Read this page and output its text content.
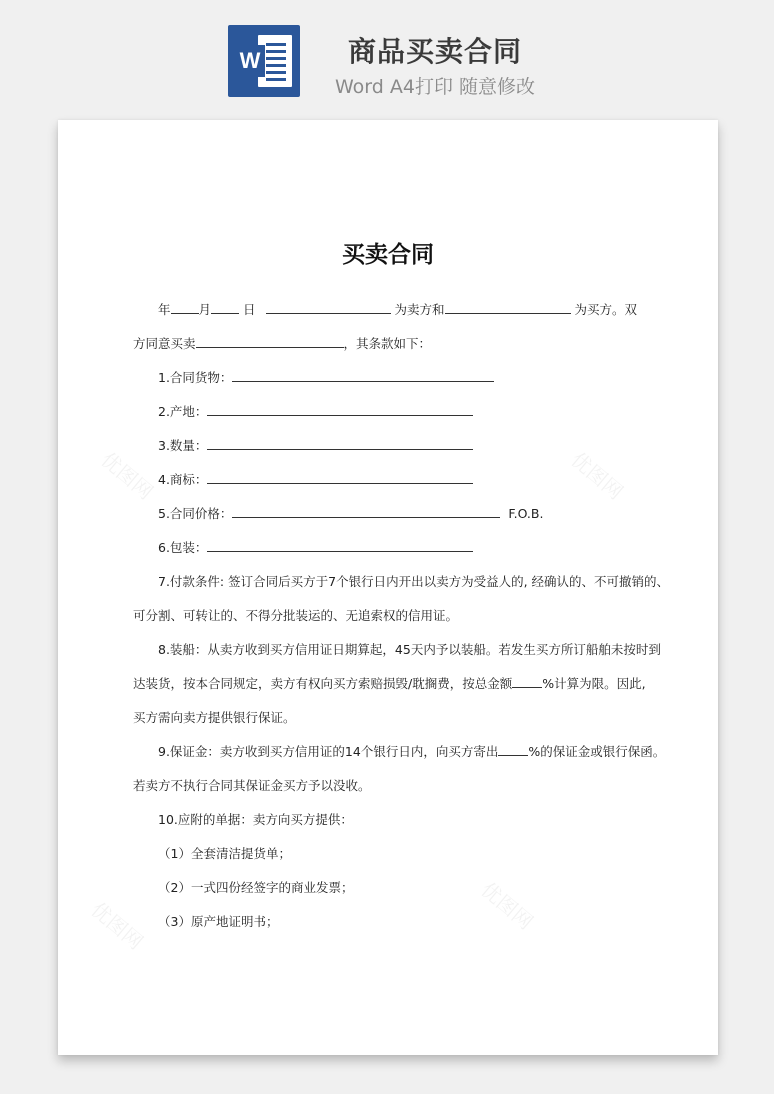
W	商品买卖合同
Word A4打印 随意修改
优图网	优图网
优图网	优图网
买卖合同
年 月	日	为卖方和	为买方。双
方同意买卖	，其条款如下：
1.合同货物：
2.产地：
3.数量：
4.商标：
5.合同价格：	F.O.B.
6.包装：
7.付款条件: 签订合同后买方于7个银行日内开出以卖方为受益人的, 经确认的、不可撤销的、
可分割、可转让的、不得分批装运的、无追索权的信用证。
8.装船：从卖方收到买方信用证日期算起，45天内予以装船。若发生买方所订船舶未按时到
达装货，按本合同规定，卖方有权向买方索赔损毁/耽搁费，按总金额 %计算为限。因此,
买方需向卖方提供银行保证。
9.保证金：卖方收到买方信用证的14个银行日内，向买方寄出 %的保证金或银行保函。
若卖方不执行合同其保证金买方予以没收。
10.应附的单据：卖方向买方提供：
（1）全套清洁提货单；
（2）一式四份经签字的商业发票；
（3）原产地证明书；
